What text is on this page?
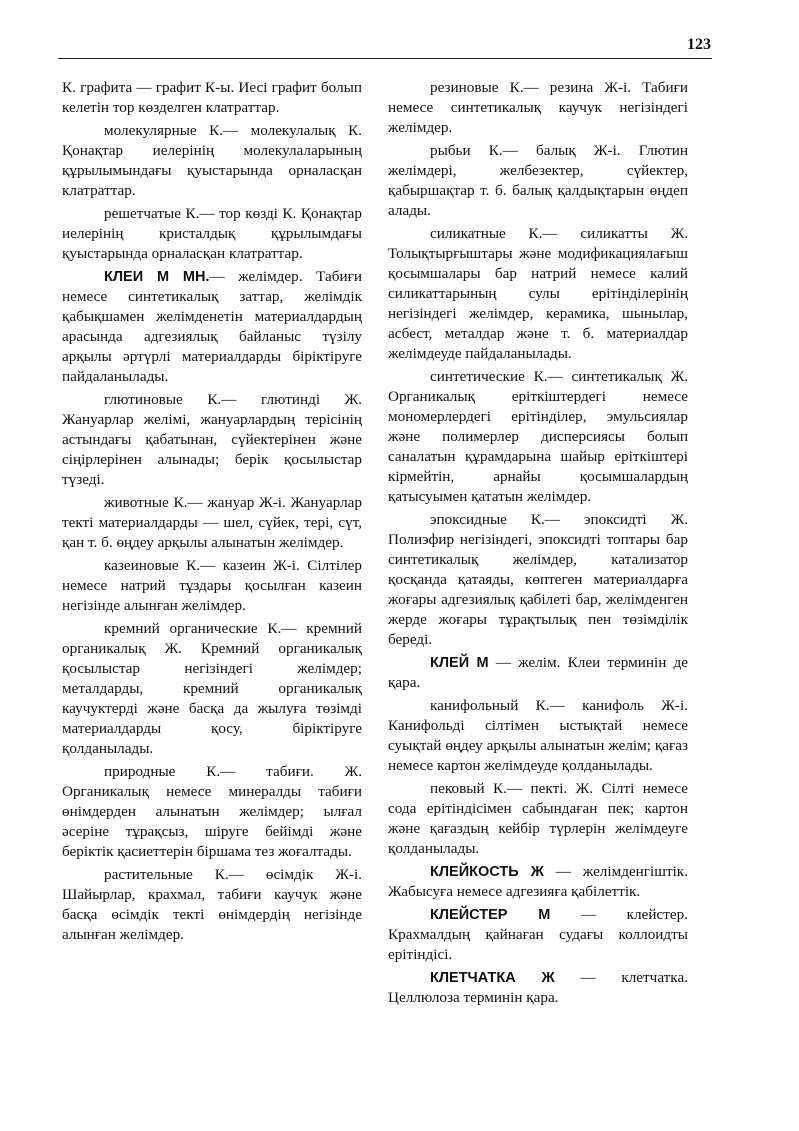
123

К. графита — графит К-ы. Иесі графит болып келетін тор көзделген клатраттар.

молекулярные К.— молекулалық К. Қонақтар иелерінің молекулаларының құрылымындағы қуыстарында орналасқан клатраттар.

решетчатые К.— тор көзді К. Қонақтар иелерінің кристалдық құрылымдағы қуыстарында орналасқан клатраттар.

КЛЕИ М МН.— желімдер. Табиғи немесе синтетикалық заттар, желімдік қабықшамен желімденетін материалдардың арасында адгезиялық байланыс түзілу арқылы әртүрлі материалдарды біріктіруге пайдаланылады.

глютиновые К.— глютинді Ж. Жануарлар желімі, жануарлардың терісінің астындағы қабатынан, сүйектерінен және сіңірлерінен алынады; берік қосылыстар түзеді.

животные К.— жануар Ж-і. Жануарлар текті материалдарды — шел, сүйек, тері, сүт, қан т. б. өңдеу арқылы алынатын желімдер.

казеиновые К.— казеин Ж-і. Сілтілер немесе натрий тұздары қосылған казеин негізінде алынған желімдер.

кремний органические К.— кремний органикалық Ж. Кремний органикалық қосылыстар негізіндегі желімдер; металдарды, кремний органикалық каучуктерді және басқа да жылуға төзімді материалдарды қосу, біріктіруге қолданылады.

природные К.— табиғи. Ж. Органикалық немесе минералды табиғи өнімдерден алынатын желімдер; ылғал әсеріне тұрақсыз, шіруге бейімді және беріктік қасиеттерін біршама тез жоғалтады.

растительные К.— өсімдік Ж-і. Шайырлар, крахмал, табиғи каучук және басқа өсімдік текті өнімдердің негізінде алынған желімдер.

резиновые К.— резина Ж-і. Табиғи немесе синтетикалық каучук негізіндегі желімдер.

рыбьи К.— балық Ж-і. Глютин желімдері, желбезектер, сүйектер, қабыршақтар т. б. балық қалдықтарын өңдеп алады.

силикатные К.— силикатты Ж. Толықтырғыштары және модификациялағыш қосымшалары бар натрий немесе калий силикаттарының сулы ерітінділерінің негізіндегі желімдер, керамика, шынылар, асбест, металдар және т. б. материалдар желімдеуде пайдаланылады.

синтетические К.— синтетикалық Ж. Органикалық еріткіштердегі немесе мономерлердегі ерітінділер, эмульсиялар және полимерлер дисперсиясы болып саналатын құрамдарына шайыр еріткіштері кірмейтін, арнайы қосымшалардың қатысуымен қататын желімдер.

эпоксидные К.— эпоксидті Ж. Полиэфир негізіндегі, эпоксидті топтары бар синтетикалық желімдер, катализатор қосқанда қатаяды, көптеген материалдарға жоғары адгезиялық қабілеті бар, желімденген жерде жоғары тұрақтылық пен төзімділік береді.

КЛЕЙ М — желім. Клеи терминін де қара.

канифольный К.— канифоль Ж-і. Канифольді сілтімен ыстықтай немесе суықтай өңдеу арқылы алынатын желім; қағаз немесе картон желімдеуде қолданылады.

пековый К.— пекті. Ж. Сілті немесе сода ерітіндісімен сабындаған пек; картон және қағаздың кейбір түрлерін желімдеуге қолданылады.

КЛЕЙКОСТЬ Ж — желімденгіштік. Жабысуға немесе адгезияға қабілеттік.

КЛЕЙСТЕР М — клейстер. Крахмалдың қайнаған судағы коллоидты ерітіндісі.

КЛЕТЧАТКА Ж — клетчатка. Целлюлоза терминін қара.
